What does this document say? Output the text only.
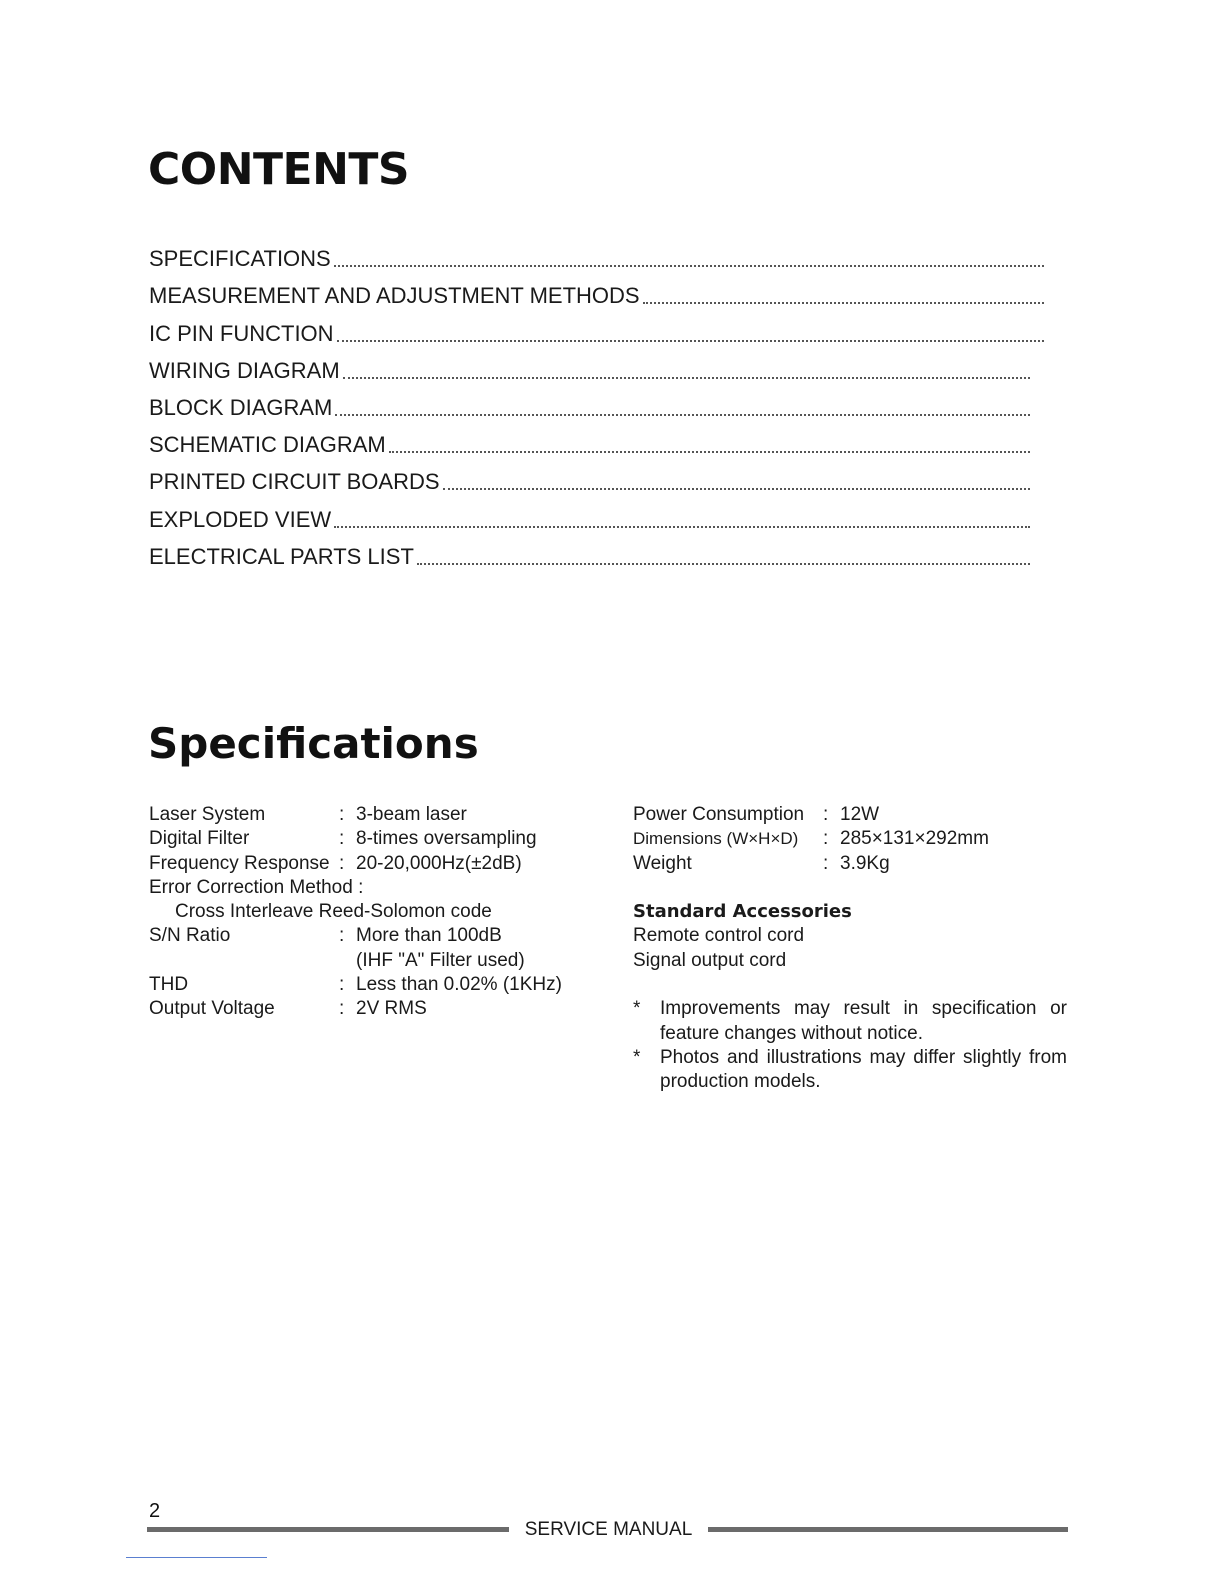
CONTENTS
SPECIFICATIONS
MEASUREMENT AND ADJUSTMENT METHODS
IC PIN FUNCTION
WIRING DIAGRAM
BLOCK DIAGRAM
SCHEMATIC DIAGRAM
PRINTED CIRCUIT BOARDS
EXPLODED VIEW
ELECTRICAL PARTS LIST
Specifications
Laser System	: 3-beam laser
Digital Filter	: 8-times oversampling
Frequency Response : 20-20,000Hz(±2dB)
Error Correction Method :
Cross Interleave Reed-Solomon code
S/N Ratio	: More than 100dB
(IHF "A" Filter used)
THD	: Less than 0.02% (1KHz)
Output Voltage	: 2V RMS
Power Consumption : 12W
Dimensions (W×H×D)	: 285×131×292mm
Weight	: 3.9Kg
Standard Accessories
Remote control cord
Signal output cord
*	Improvements may result in specification or feature changes without notice.
*	Photos and illustrations may differ slightly from production models.
2
SERVICE MANUAL
